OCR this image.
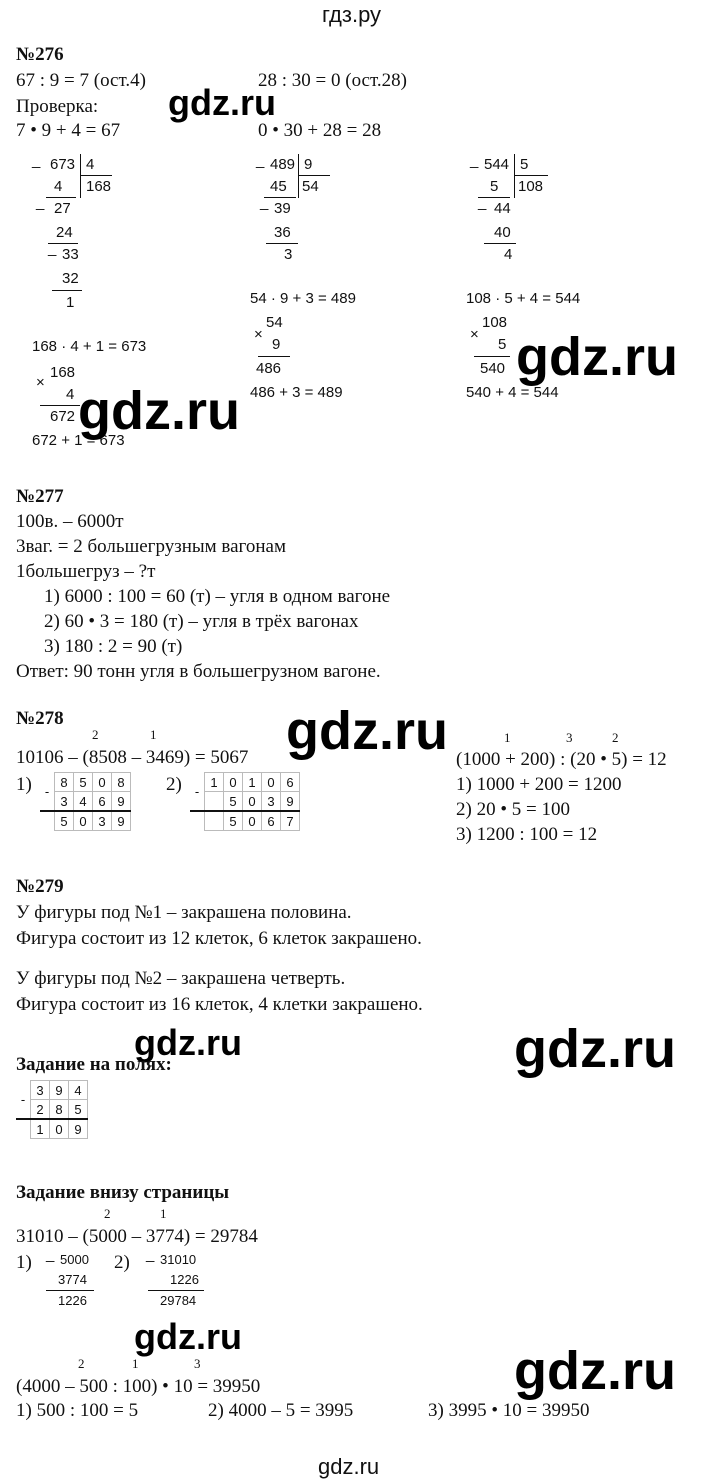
гдз.ру
№276
67 : 9 = 7 (ост.4)	28 : 30 = 0 (ост.28)
Проверка:
7 • 9 + 4 = 67	0 • 30 + 28 = 28
gdz.ru
_ 673 4
168
4
_ 27
24
_ 33
32
1
168 · 4 + 1 = 673
×
168
4
672
672 + 1 = 673
gdz.ru
_ 489 9
54
45
_ 39
36
3
54 · 9 + 3 = 489
×
54
9
486
486 + 3 = 489
_ 544 5
108
5
_ 44
40
4
108 · 5 + 4 = 544
×
108
5
540
540 + 4 = 544
gdz.ru
№277
100в. – 6000т
3ваг. = 2 большегрузным вагонам
1большегруз – ?т
1) 6000 : 100 = 60 (т) – угля в одном вагоне
2) 60 • 3 = 180 (т) – угля в трёх вагонах
3) 180 : 2 = 90 (т)
Ответ: 90 тонн угля в большегрузном вагоне.
№278	gdz.ru
2	1
10106 – (8508 – 3469) = 5067
1	3	2
(1000 + 200) : (20 • 5) = 12
1) 1000 + 200 = 1200
2) 20 • 5 = 100
3) 1200 : 100 = 12
1) -	8	5	0	8
	3	4	6	9
	5	0	3	9
2) -	1	0	1	0	6
		5	0	3	9
		5	0	6	7
№279
У фигуры под №1 – закрашена половина.
Фигура состоит из 12 клеток, 6 клеток закрашено.
У фигуры под №2 – закрашена четверть.
Фигура состоит из 16 клеток, 4 клетки закрашено.
gdz.ru
Задание на полях:	gdz.ru
-	3	9	4
	2	8	5
	1	0	9
Задание внизу страницы
2	1
31010 – (5000 – 3774) = 29784
1) _ 5000
3774
1226
2) _ 31010
1226
29784
gdz.ru
gdz.ru
2	1	3
(4000 – 500 : 100) • 10 = 39950
1) 500 : 100 = 5	2) 4000 – 5 = 3995	3) 3995 • 10 = 39950
gdz.ru
